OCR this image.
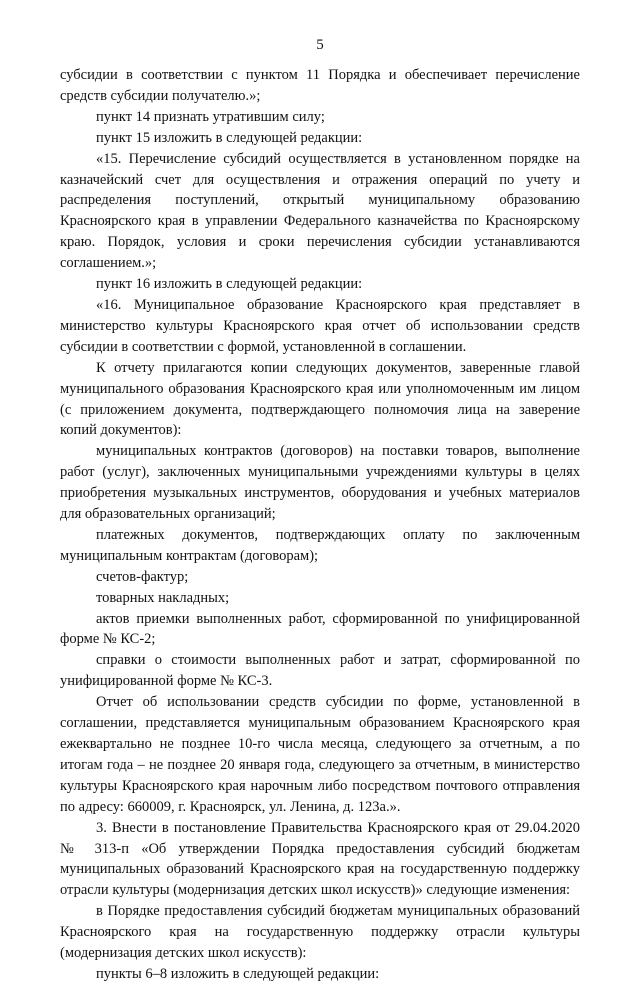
5

субсидии в соответствии с пунктом 11 Порядка и обеспечивает перечисление средств субсидии получателю.»;

пункт 14 признать утратившим силу;

пункт 15 изложить в следующей редакции:

«15. Перечисление субсидий осуществляется в установленном порядке на казначейский счет для осуществления и отражения операций по учету и распределения поступлений, открытый муниципальному образованию Красноярского края в управлении Федерального казначейства по Красноярскому краю. Порядок, условия и сроки перечисления субсидии устанавливаются соглашением.»;

пункт 16 изложить в следующей редакции:

«16. Муниципальное образование Красноярского края представляет в министерство культуры Красноярского края отчет об использовании средств субсидии в соответствии с формой, установленной в соглашении.

К отчету прилагаются копии следующих документов, заверенные главой муниципального образования Красноярского края или уполномоченным им лицом (с приложением документа, подтверждающего полномочия лица на заверение копий документов):

муниципальных контрактов (договоров) на поставки товаров, выполнение работ (услуг), заключенных муниципальными учреждениями культуры в целях приобретения музыкальных инструментов, оборудования и учебных материалов для образовательных организаций;

платежных документов, подтверждающих оплату по заключенным муниципальным контрактам (договорам);

счетов-фактур;

товарных накладных;

актов приемки выполненных работ, сформированной по унифицированной форме № КС-2;

справки о стоимости выполненных работ и затрат, сформированной по унифицированной форме № КС-3.

Отчет об использовании средств субсидии по форме, установленной в соглашении, представляется муниципальным образованием Красноярского края ежеквартально не позднее 10-го числа месяца, следующего за отчетным, а по итогам года – не позднее 20 января года, следующего за отчетным, в министерство культуры Красноярского края нарочным либо посредством почтового отправления по адресу: 660009, г. Красноярск, ул. Ленина, д. 123а.».

3. Внести в постановление Правительства Красноярского края от 29.04.2020 № 313-п «Об утверждении Порядка предоставления субсидий бюджетам муниципальных образований Красноярского края на государственную поддержку отрасли культуры (модернизация детских школ искусств)» следующие изменения:

в Порядке предоставления субсидий бюджетам муниципальных образований Красноярского края на государственную поддержку отрасли культуры (модернизация детских школ искусств):

пункты 6–8 изложить в следующей редакции:
